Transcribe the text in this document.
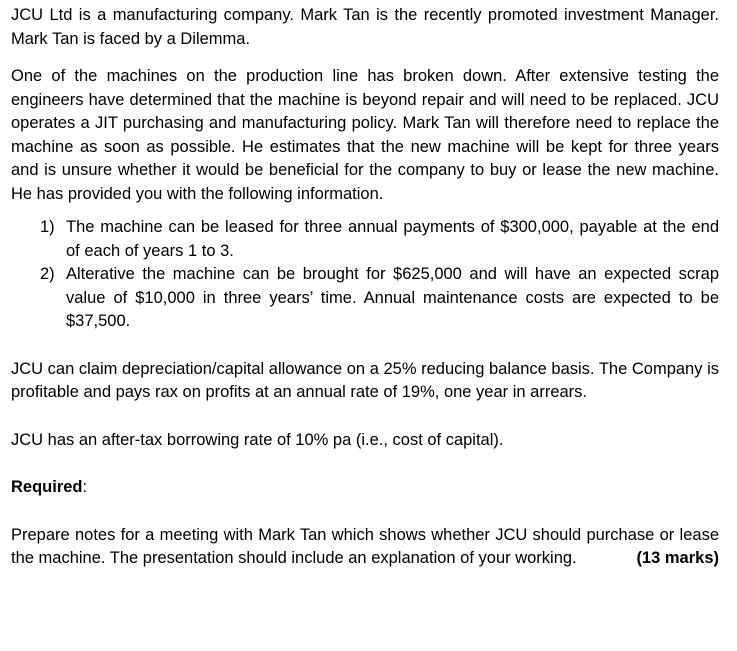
JCU Ltd is a manufacturing company. Mark Tan is the recently promoted investment Manager. Mark Tan is faced by a Dilemma.

One of the machines on the production line has broken down. After extensive testing the engineers have determined that the machine is beyond repair and will need to be replaced. JCU operates a JIT purchasing and manufacturing policy. Mark Tan will therefore need to replace the machine as soon as possible. He estimates that the new machine will be kept for three years and is unsure whether it would be beneficial for the company to buy or lease the new machine. He has provided you with the following information.

1) The machine can be leased for three annual payments of $300,000, payable at the end of each of years 1 to 3.
2) Alterative the machine can be brought for $625,000 and will have an expected scrap value of $10,000 in three years’ time. Annual maintenance costs are expected to be $37,500.

JCU can claim depreciation/capital allowance on a 25% reducing balance basis. The Company is profitable and pays rax on profits at an annual rate of 19%, one year in arrears.

JCU has an after-tax borrowing rate of 10% pa (i.e., cost of capital).

Required:

Prepare notes for a meeting with Mark Tan which shows whether JCU should purchase or lease the machine. The presentation should include an explanation of your working.	(13 marks)
